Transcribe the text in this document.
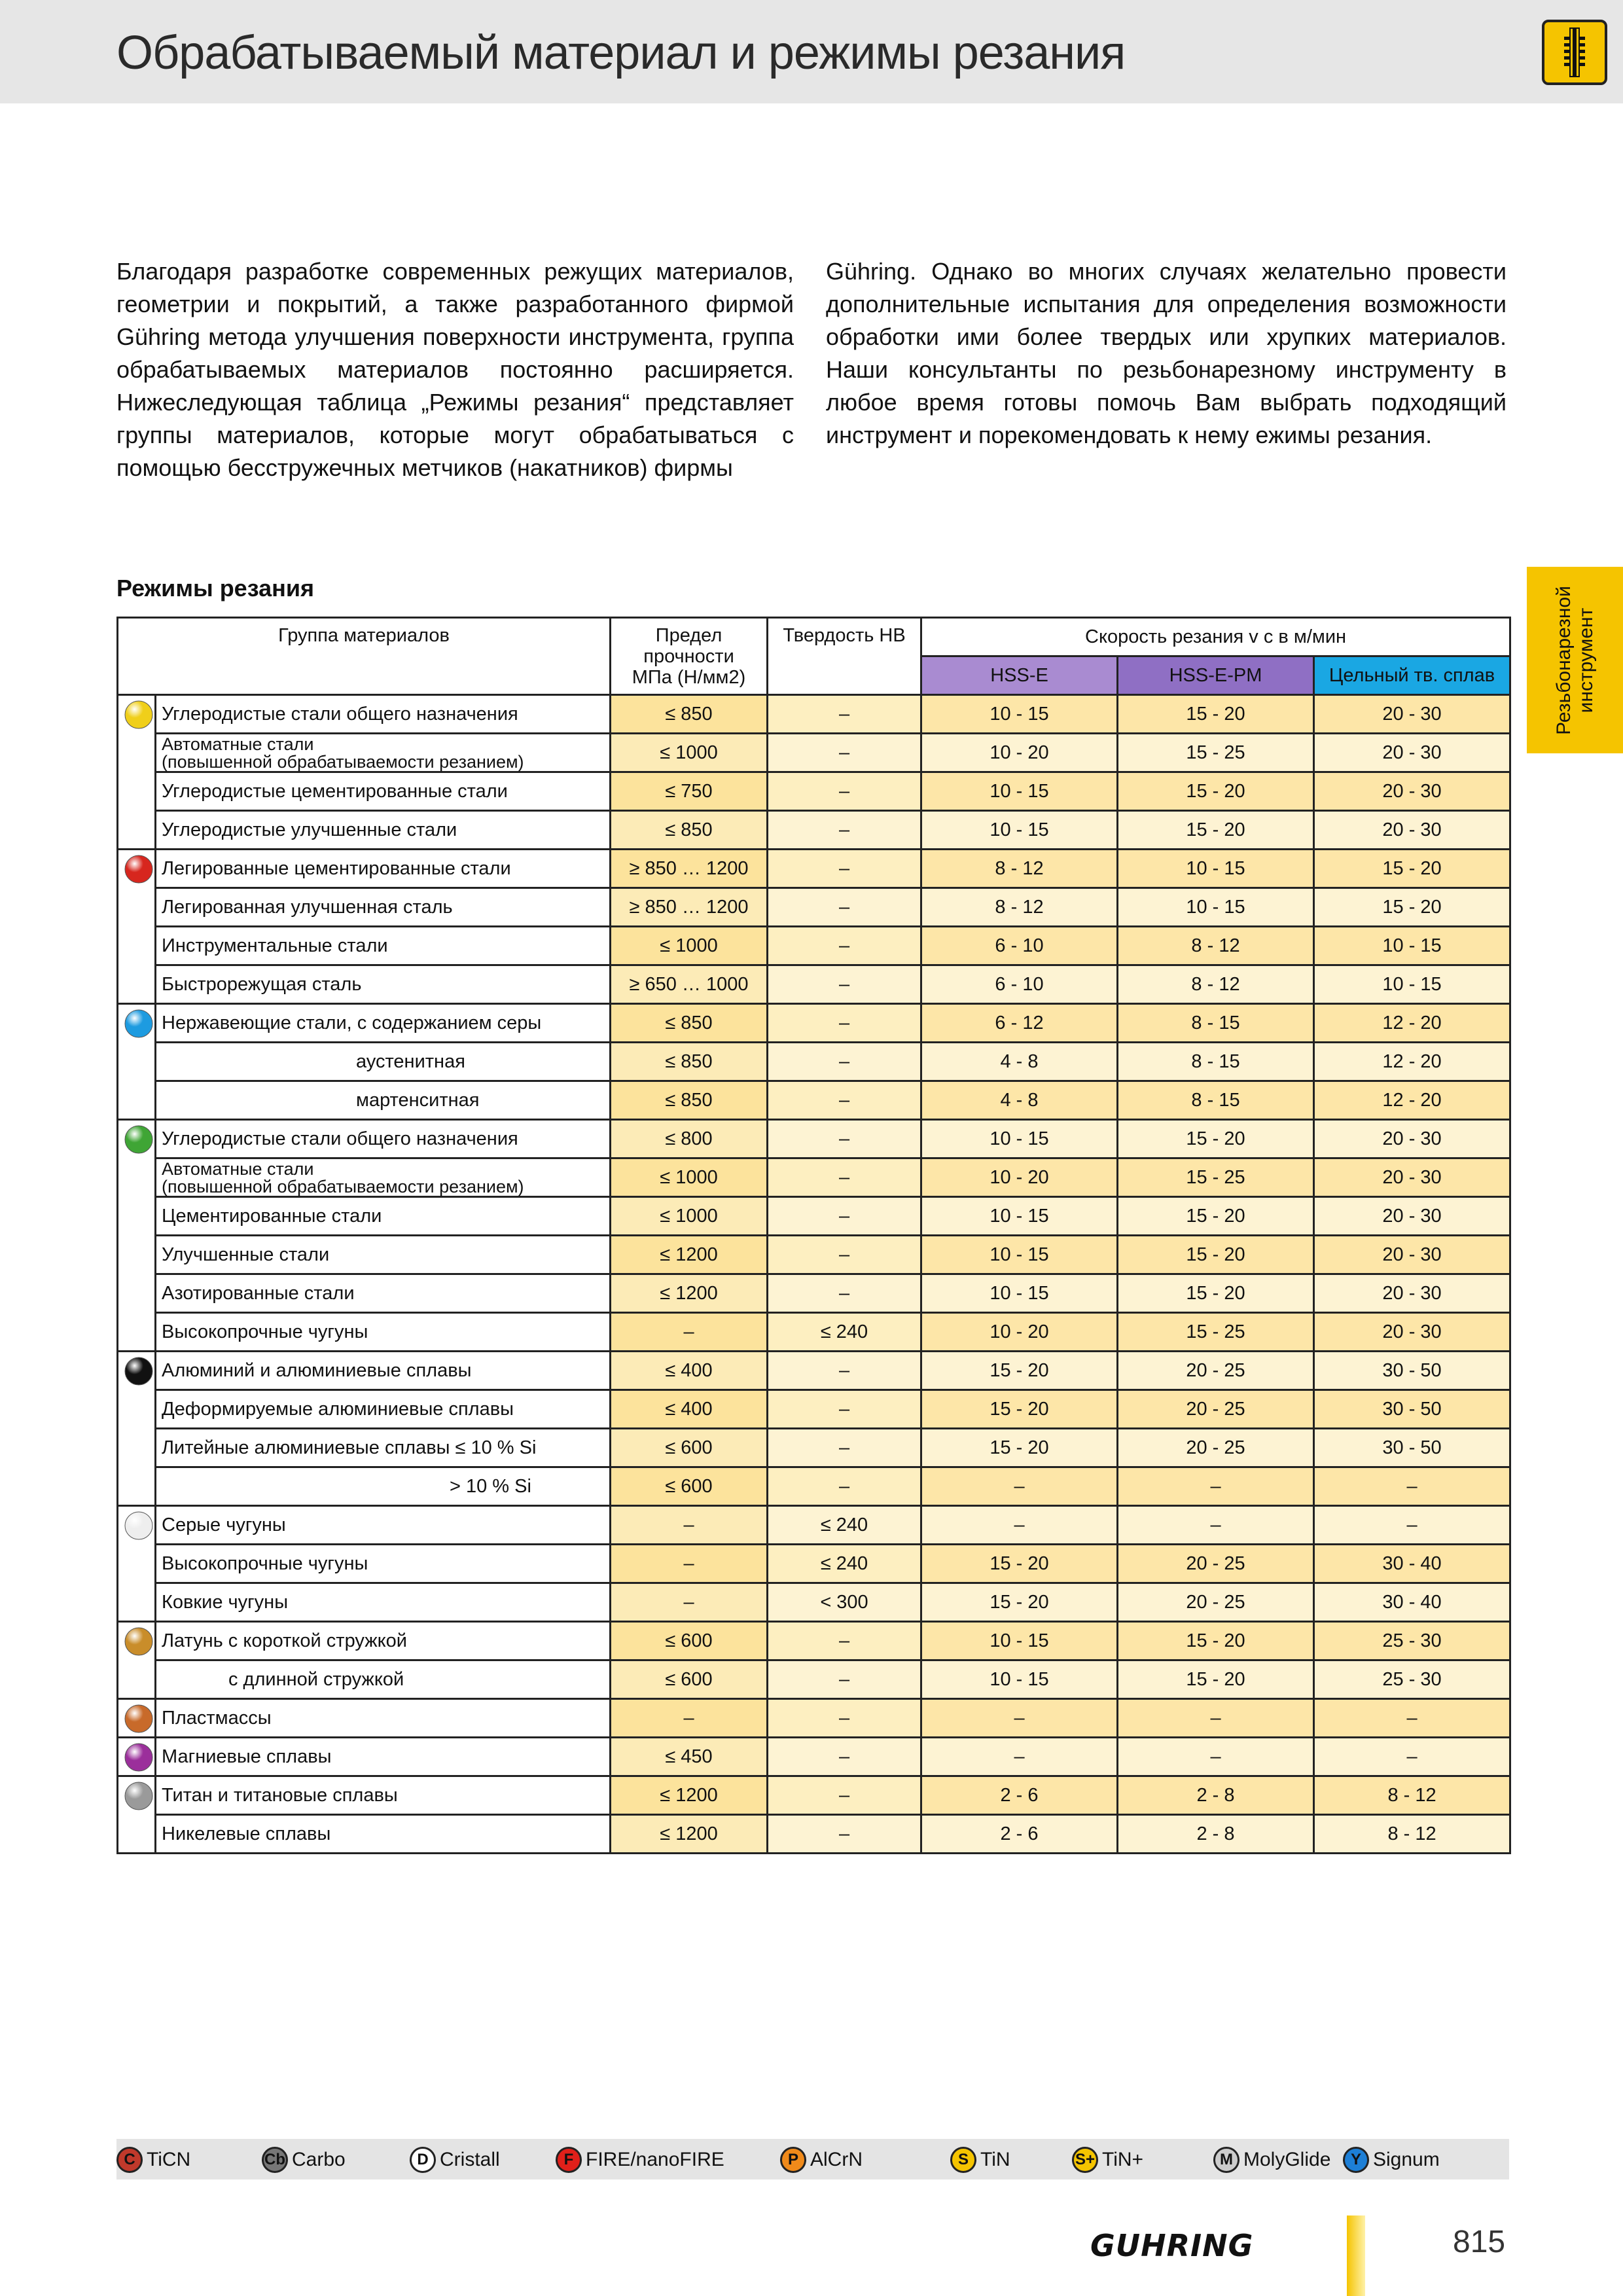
Обрабатываемый материал и режимы резания
Благодаря разработке современных режущих материалов, геометрии и покрытий, а также разработанного фирмой Gühring метода улучшения поверхности инструмента, группа обрабатываемых материалов постоянно расширяется. Нижеследующая таблица „Режимы резания“ представляет группы материалов, которые могут обрабатываться с помощью бесстружечных метчиков (накатников) фирмы
Gühring. Однако во многих случаях желательно провести дополнительные испытания для определения возможности обработки ими более твердых или хрупких материалов. Наши консультанты по резьбонарезному инструменту в любое время готовы помочь Вам выбрать подходящий инструмент и порекомендовать к нему ежимы резания.
Резьбонарезной инструмент
Режимы резания
Группа материалов		Предел
прочности
МПа (Н/мм2)	Твердость HB	Скорость резания v c в м/мин		
				HSS-E	HSS-E-PM	Цельный тв. сплав

	Углеродистые стали общего назначения	≤ 850	–	10 - 15	15 - 20	20 - 30

	Автоматные стали
(повышенной обрабатываемости резанием)	≤ 1000	–	10 - 20	15 - 25	20 - 30
	Углеродистые цементированные стали	≤ 750	–	10 - 15	15 - 20	20 - 30
	Углеродистые улучшенные стали	≤ 850	–	10 - 15	15 - 20	20 - 30

	Легированные цементированные стали	≥ 850 … 1200	–	8 - 12	10 - 15	15 - 20
	Легированная улучшенная сталь	≥ 850 … 1200	–	8 - 12	10 - 15	15 - 20
	Инструментальные стали	≤ 1000	–	6 - 10	8 - 12	10 - 15
	Быстрорежущая сталь	≥ 650 … 1000	–	6 - 10	8 - 12	10 - 15

	Нержавеющие стали, с содержанием серы	≤ 850	–	6 - 12	8 - 15	12 - 20
	аустенитная	≤ 850	–	4 - 8	8 - 15	12 - 20
	мартенситная	≤ 850	–	4 - 8	8 - 15	12 - 20

	Углеродистые стали общего назначения	≤ 800	–	10 - 15	15 - 20	20 - 30

	Автоматные стали
(повышенной обрабатываемости резанием)	≤ 1000	–	10 - 20	15 - 25	20 - 30
	Цементированные стали	≤ 1000	–	10 - 15	15 - 20	20 - 30
	Улучшенные стали	≤ 1200	–	10 - 15	15 - 20	20 - 30
	Азотированные стали	≤ 1200	–	10 - 15	15 - 20	20 - 30
	Высокопрочные чугуны	–	≤ 240	10 - 20	15 - 25	20 - 30

	Алюминий и алюминиевые сплавы	≤ 400	–	15 - 20	20 - 25	30 - 50
	Деформируемые алюминиевые сплавы	≤ 400	–	15 - 20	20 - 25	30 - 50
	Литейные алюминиевые сплавы ≤ 10 % Si	≤ 600	–	15 - 20	20 - 25	30 - 50
	> 10 % Si	≤ 600	–	–	–	–

	Серые чугуны	–	≤ 240	–	–	–
	Высокопрочные чугуны	–	≤ 240	15 - 20	20 - 25	30 - 40
	Ковкие чугуны	–	< 300	15 - 20	20 - 25	30 - 40

	Латунь с короткой стружкой	≤ 600	–	10 - 15	15 - 20	25 - 30
	с длинной стружкой	≤ 600	–	10 - 15	15 - 20	25 - 30

	Пластмассы	–	–	–	–	–

	Магниевые сплавы	≤ 450	–	–	–	–

	Титан и титановые сплавы	≤ 1200	–	2 - 6	2 - 8	8 - 12
	Никелевые сплавы	≤ 1200	–	2 - 6	2 - 8	8 - 12
C TiCN	Cb Carbo	D Cristall	F FIRE/nanoFIRE	P AlCrN	S TiN	S+ TiN+	M MolyGlide	Y Signum
GUHRING	815
